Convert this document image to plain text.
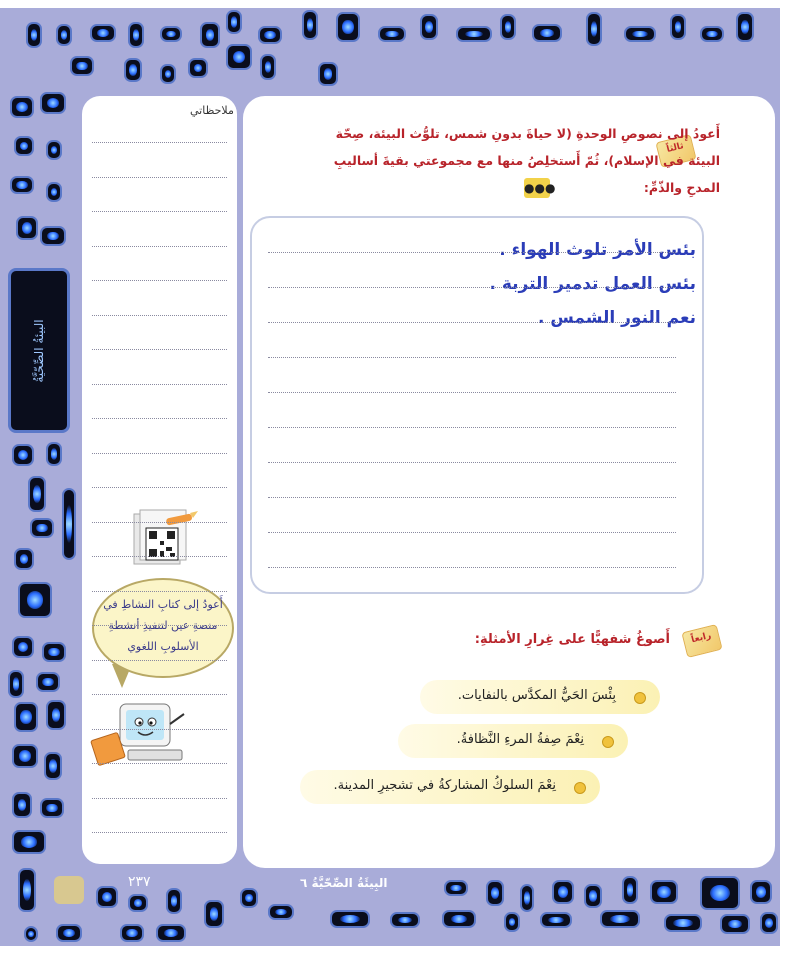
البيئةُ الصِّحّيَّةُ
ملاحظاتي
أَعودُ إلى كتابِ النشاطِ في منصةِ عين لتنفيذِ أنشطةِ الأسلوبِ اللغوي
ثالثاً
أَعودُ إلى نصوصِ الوحدةِ (لا حياةَ بدونِ شمس، تلوُّث البيئة، صِحّة
البيئة في الإسلام)، ثُمّ أَستخلِصُ منها مع مجموعتي بقيةَ أساليبِ
المدحِ والذّمِّ:
●●●
بئس الأمر تلوث الهواء .
بئس العمل تدمير التربة .
نعم النور الشمس .
رابعاً
أَصوغُ شفهيًّا على غِرارِ الأمثلةِ:
بِئْسَ الحَيُّ المكدَّس بالنفايات.
نِعْمَ صِفةُ المرءِ النَّظافةُ.
نِعْمَ السلوكُ المشاركةُ في تشجيرِ المدينة.
٢٣٧	البِيئَةُ الصِّحّيَّةُ ٦
